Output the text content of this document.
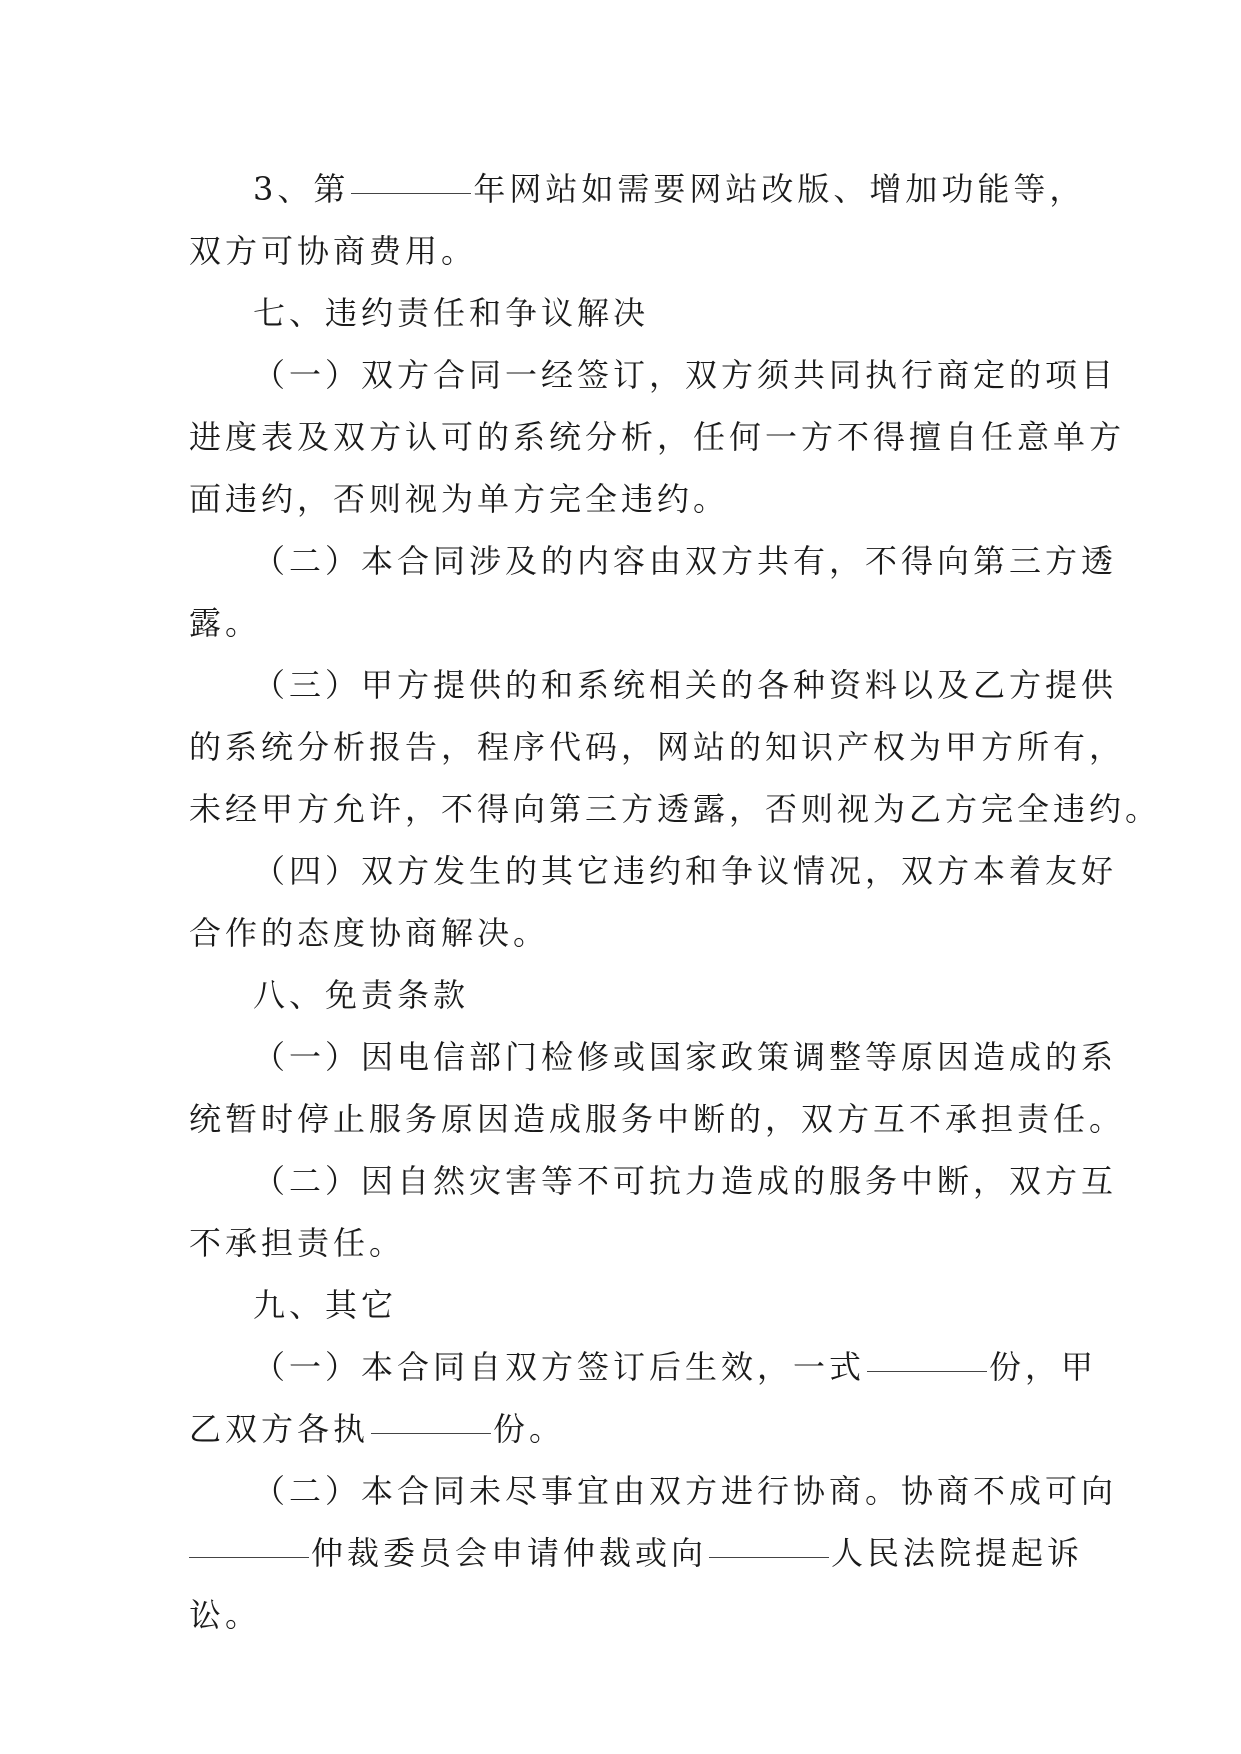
3、第	年网站如需要网站改版、增加功能等，
双方可协商费用。
七、违约责任和争议解决
（一）双方合同一经签订，双方须共同执行商定的项目
进度表及双方认可的系统分析，任何一方不得擅自任意单方
面违约，否则视为单方完全违约。
（二）本合同涉及的内容由双方共有，不得向第三方透
露。
（三）甲方提供的和系统相关的各种资料以及乙方提供
的系统分析报告，程序代码，网站的知识产权为甲方所有，
未经甲方允许，不得向第三方透露，否则视为乙方完全违约。
（四）双方发生的其它违约和争议情况，双方本着友好
合作的态度协商解决。
八、免责条款
（一）因电信部门检修或国家政策调整等原因造成的系
统暂时停止服务原因造成服务中断的，双方互不承担责任。
（二）因自然灾害等不可抗力造成的服务中断，双方互
不承担责任。
九、其它
（一）本合同自双方签订后生效，一式	份，甲
乙双方各执	份。
（二）本合同未尽事宜由双方进行协商。协商不成可向
仲裁委员会申请仲裁或向	人民法院提起诉
讼。
